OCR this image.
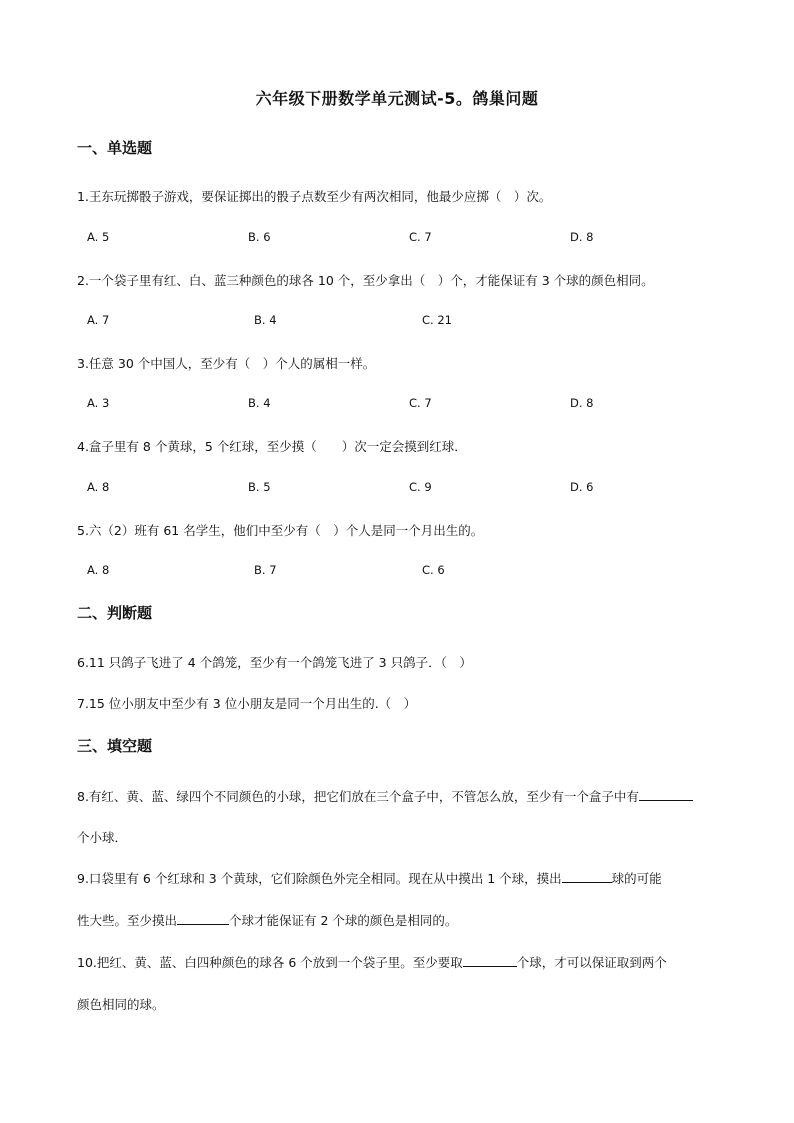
六年级下册数学单元测试-5。鸽巢问题
一、单选题
1.王东玩掷骰子游戏，要保证掷出的骰子点数至少有两次相同，他最少应掷（　）次。
A. 5	B. 6	C. 7	D. 8
2.一个袋子里有红、白、蓝三种颜色的球各 10 个，至少拿出（　）个，才能保证有 3 个球的颜色相同。
A. 7	B. 4	C. 21
3.任意 30 个中国人，至少有（　）个人的属相一样。
A. 3	B. 4	C. 7	D. 8
4.盒子里有 8 个黄球，5 个红球，至少摸（　　）次一定会摸到红球．
A. 8	B. 5	C. 9	D. 6
5.六（2）班有 61 名学生，他们中至少有（　）个人是同一个月出生的。
A. 8	B. 7	C. 6
二、判断题
6.11 只鸽子飞进了 4 个鸽笼，至少有一个鸽笼飞进了 3 只鸽子．（　）
7.15 位小朋友中至少有 3 位小朋友是同一个月出生的.（　）
三、填空题
8.有红、黄、蓝、绿四个不同颜色的小球，把它们放在三个盒子中，不管怎么放，至少有一个盒子中有
个小球．
9.口袋里有 6 个红球和 3 个黄球，它们除颜色外完全相同。现在从中摸出 1 个球，摸出	球的可能
性大些。至少摸出	个球才能保证有 2 个球的颜色是相同的。
10.把红、黄、蓝、白四种颜色的球各 6 个放到一个袋子里。至少要取	个球，才可以保证取到两个
颜色相同的球。
